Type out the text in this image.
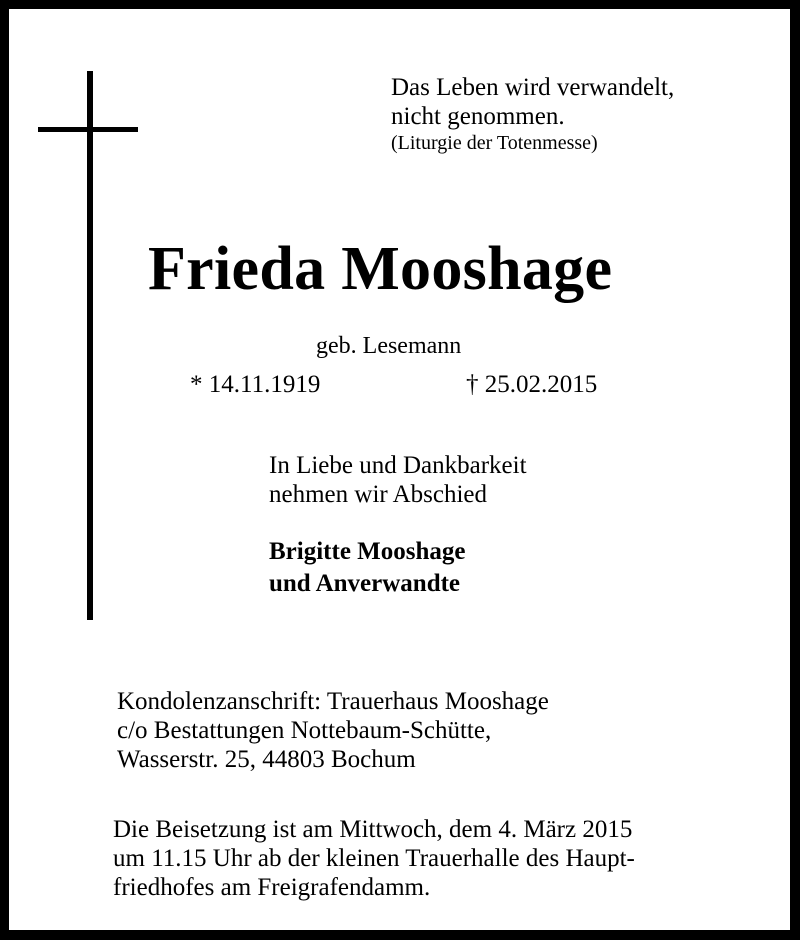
Das Leben wird verwandelt,
nicht genommen.
(Liturgie der Totenmesse)
Frieda Mooshage
geb. Lesemann
* 14.11.1919	† 25.02.2015
In Liebe und Dankbarkeit
nehmen wir Abschied
Brigitte Mooshage
und Anverwandte
Kondolenzanschrift: Trauerhaus Mooshage
c/o Bestattungen Nottebaum-Schütte,
Wasserstr. 25, 44803 Bochum
Die Beisetzung ist am Mittwoch, dem 4. März 2015
um 11.15 Uhr ab der kleinen Trauerhalle des Haupt-
friedhofes am Freigrafendamm.
